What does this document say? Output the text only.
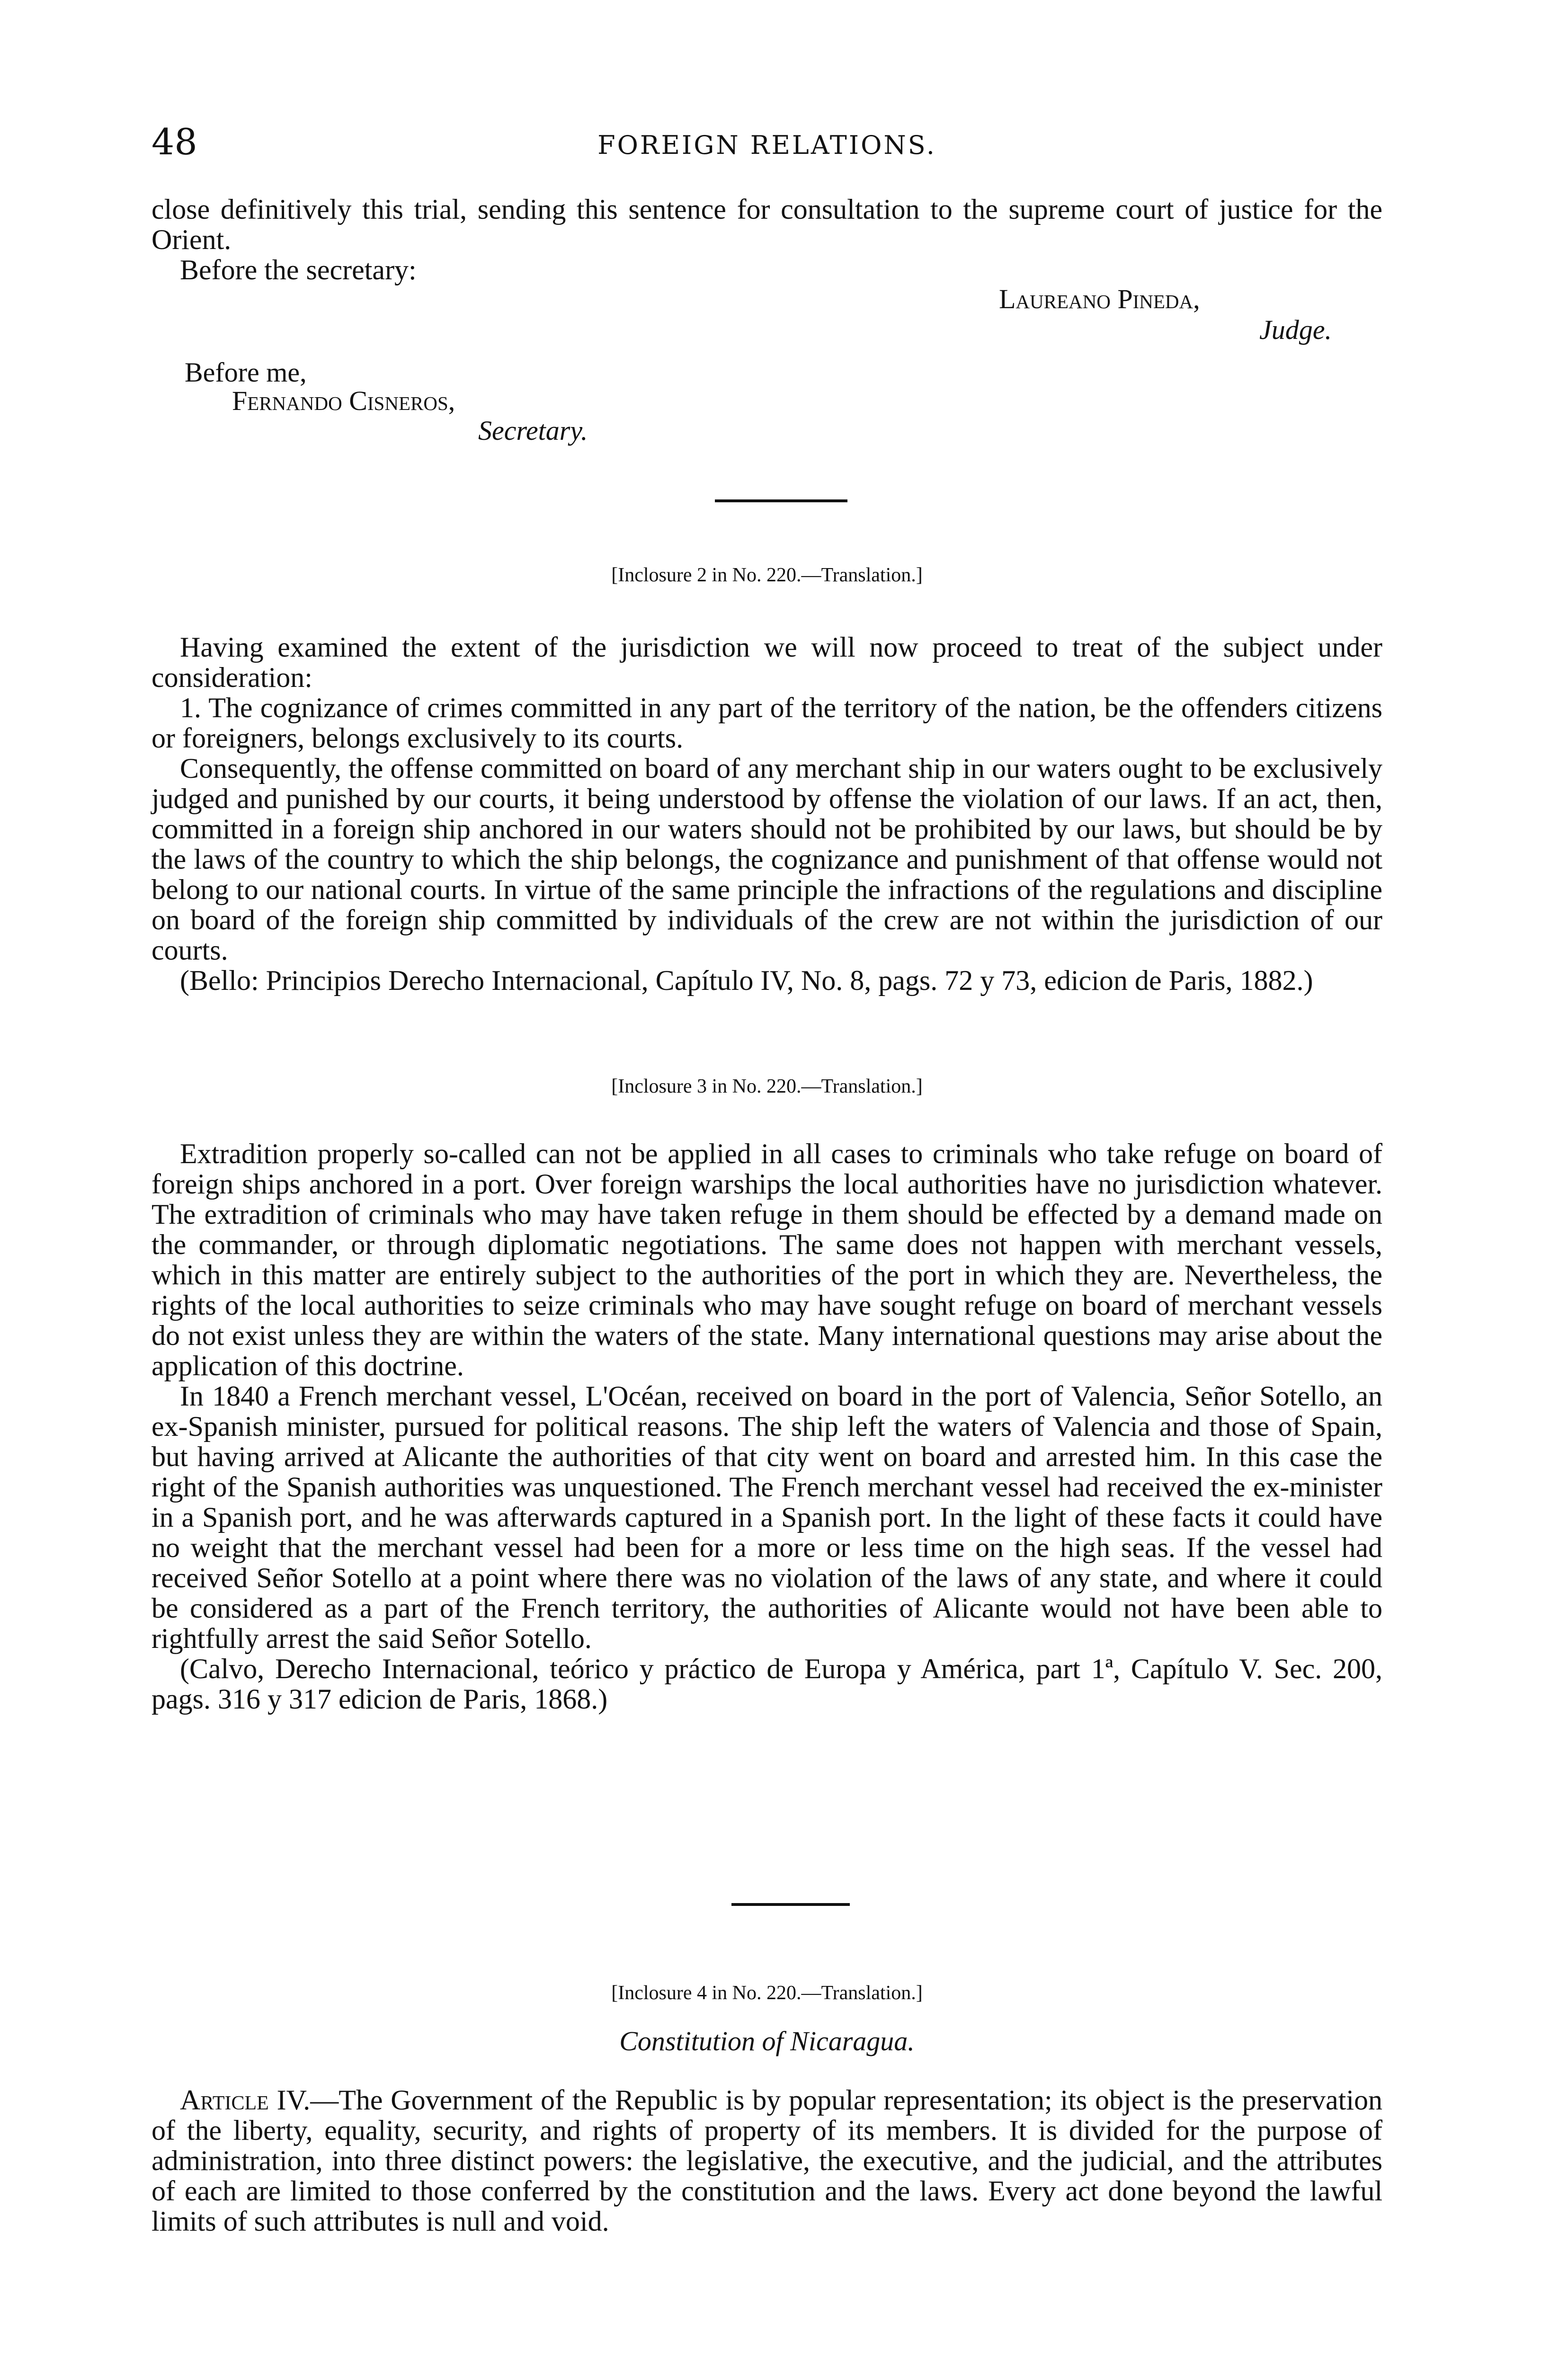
48	FOREIGN RELATIONS.

close definitively this trial, sending this sentence for consultation to the supreme court of justice for the Orient.

Before the secretary:

Laureano Pineda,
Judge.
Before me,
Fernando Cisneros,
Secretary.

[Inclosure 2 in No. 220.—Translation.]

Having examined the extent of the jurisdiction we will now proceed to treat of the subject under consideration:

1. The cognizance of crimes committed in any part of the territory of the nation, be the offenders citizens or foreigners, belongs exclusively to its courts.

Consequently, the offense committed on board of any merchant ship in our waters ought to be exclusively judged and punished by our courts, it being understood by offense the violation of our laws. If an act, then, committed in a foreign ship anchored in our waters should not be prohibited by our laws, but should be by the laws of the country to which the ship belongs, the cognizance and punishment of that offense would not belong to our national courts. In virtue of the same principle the infractions of the regulations and discipline on board of the foreign ship committed by individuals of the crew are not within the jurisdiction of our courts.

(Bello: Principios Derecho Internacional, Capítulo IV, No. 8, pags. 72 y 73, edicion de Paris, 1882.)

[Inclosure 3 in No. 220.—Translation.]

Extradition properly so-called can not be applied in all cases to criminals who take refuge on board of foreign ships anchored in a port. Over foreign warships the local authorities have no jurisdiction whatever. The extradition of criminals who may have taken refuge in them should be effected by a demand made on the commander, or through diplomatic negotiations. The same does not happen with merchant vessels, which in this matter are entirely subject to the authorities of the port in which they are. Nevertheless, the rights of the local authorities to seize criminals who may have sought refuge on board of merchant vessels do not exist unless they are within the waters of the state. Many international questions may arise about the application of this doctrine.

In 1840 a French merchant vessel, L'Océan, received on board in the port of Valencia, Señor Sotello, an ex-Spanish minister, pursued for political reasons. The ship left the waters of Valencia and those of Spain, but having arrived at Alicante the authorities of that city went on board and arrested him. In this case the right of the Spanish authorities was unquestioned. The French merchant vessel had received the ex-minister in a Spanish port, and he was afterwards captured in a Spanish port. In the light of these facts it could have no weight that the merchant vessel had been for a more or less time on the high seas. If the vessel had received Señor Sotello at a point where there was no violation of the laws of any state, and where it could be considered as a part of the French territory, the authorities of Alicante would not have been able to rightfully arrest the said Señor Sotello.

(Calvo, Derecho Internacional, teórico y práctico de Europa y América, part 1ª, Capítulo V. Sec. 200, pags. 316 y 317 edicion de Paris, 1868.)

[Inclosure 4 in No. 220.—Translation.]

Constitution of Nicaragua.

Article IV.—The Government of the Republic is by popular representation; its object is the preservation of the liberty, equality, security, and rights of property of its members. It is divided for the purpose of administration, into three distinct powers: the legislative, the executive, and the judicial, and the attributes of each are limited to those conferred by the constitution and the laws. Every act done beyond the lawful limits of such attributes is null and void.
